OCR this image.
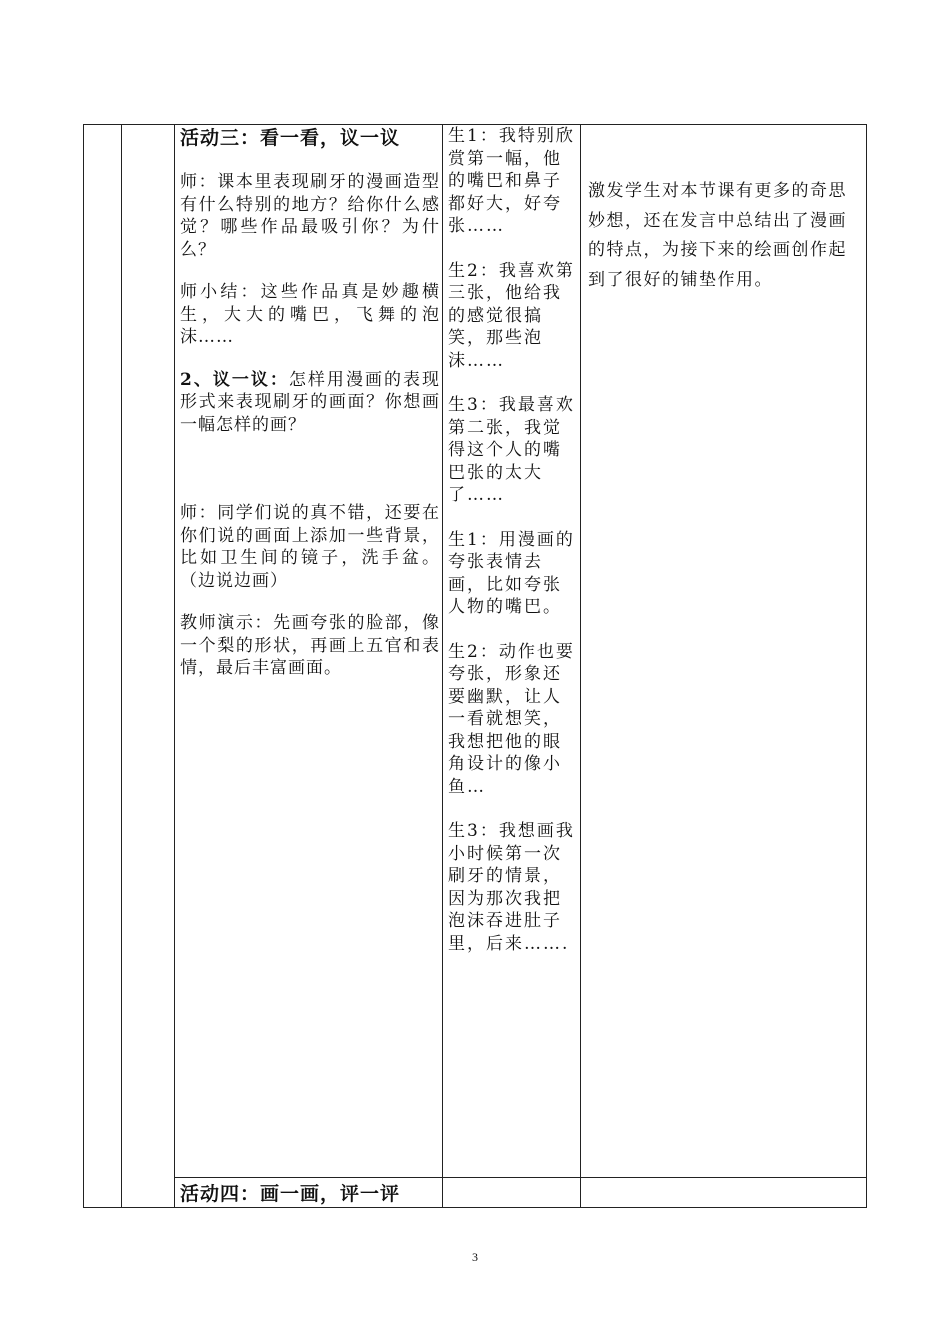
活动三：看一看，议一议

师：课本里表现刷牙的漫画造型有什么特别的地方？给你什么感觉？哪些作品最吸引你？为什么？

师小结：这些作品真是妙趣横生，大大的嘴巴，飞舞的泡沫……

2、议一议：怎样用漫画的表现形式来表现刷牙的画面？你想画一幅怎样的画？

师：同学们说的真不错，还要在你们说的画面上添加一些背景，比如卫生间的镜子，洗手盆。（边说边画）

教师演示：先画夸张的脸部，像一个梨的形状，再画上五官和表情，最后丰富画面。

生1：我特别欣赏第一幅，他的嘴巴和鼻子都好大，好夸张……

生2：我喜欢第三张，他给我的感觉很搞笑，那些泡沫……

生3：我最喜欢第二张，我觉得这个人的嘴巴张的太大了……

生1：用漫画的夸张表情去画，比如夸张人物的嘴巴。

生2：动作也要夸张，形象还要幽默，让人一看就想笑，我想把他的眼角设计的像小鱼…

生3：我想画我小时候第一次刷牙的情景，因为那次我把泡沫吞进肚子里，后来…….

激发学生对本节课有更多的奇思妙想，还在发言中总结出了漫画的特点，为接下来的绘画创作起到了很好的铺垫作用。

活动四：画一画，评一评
3
